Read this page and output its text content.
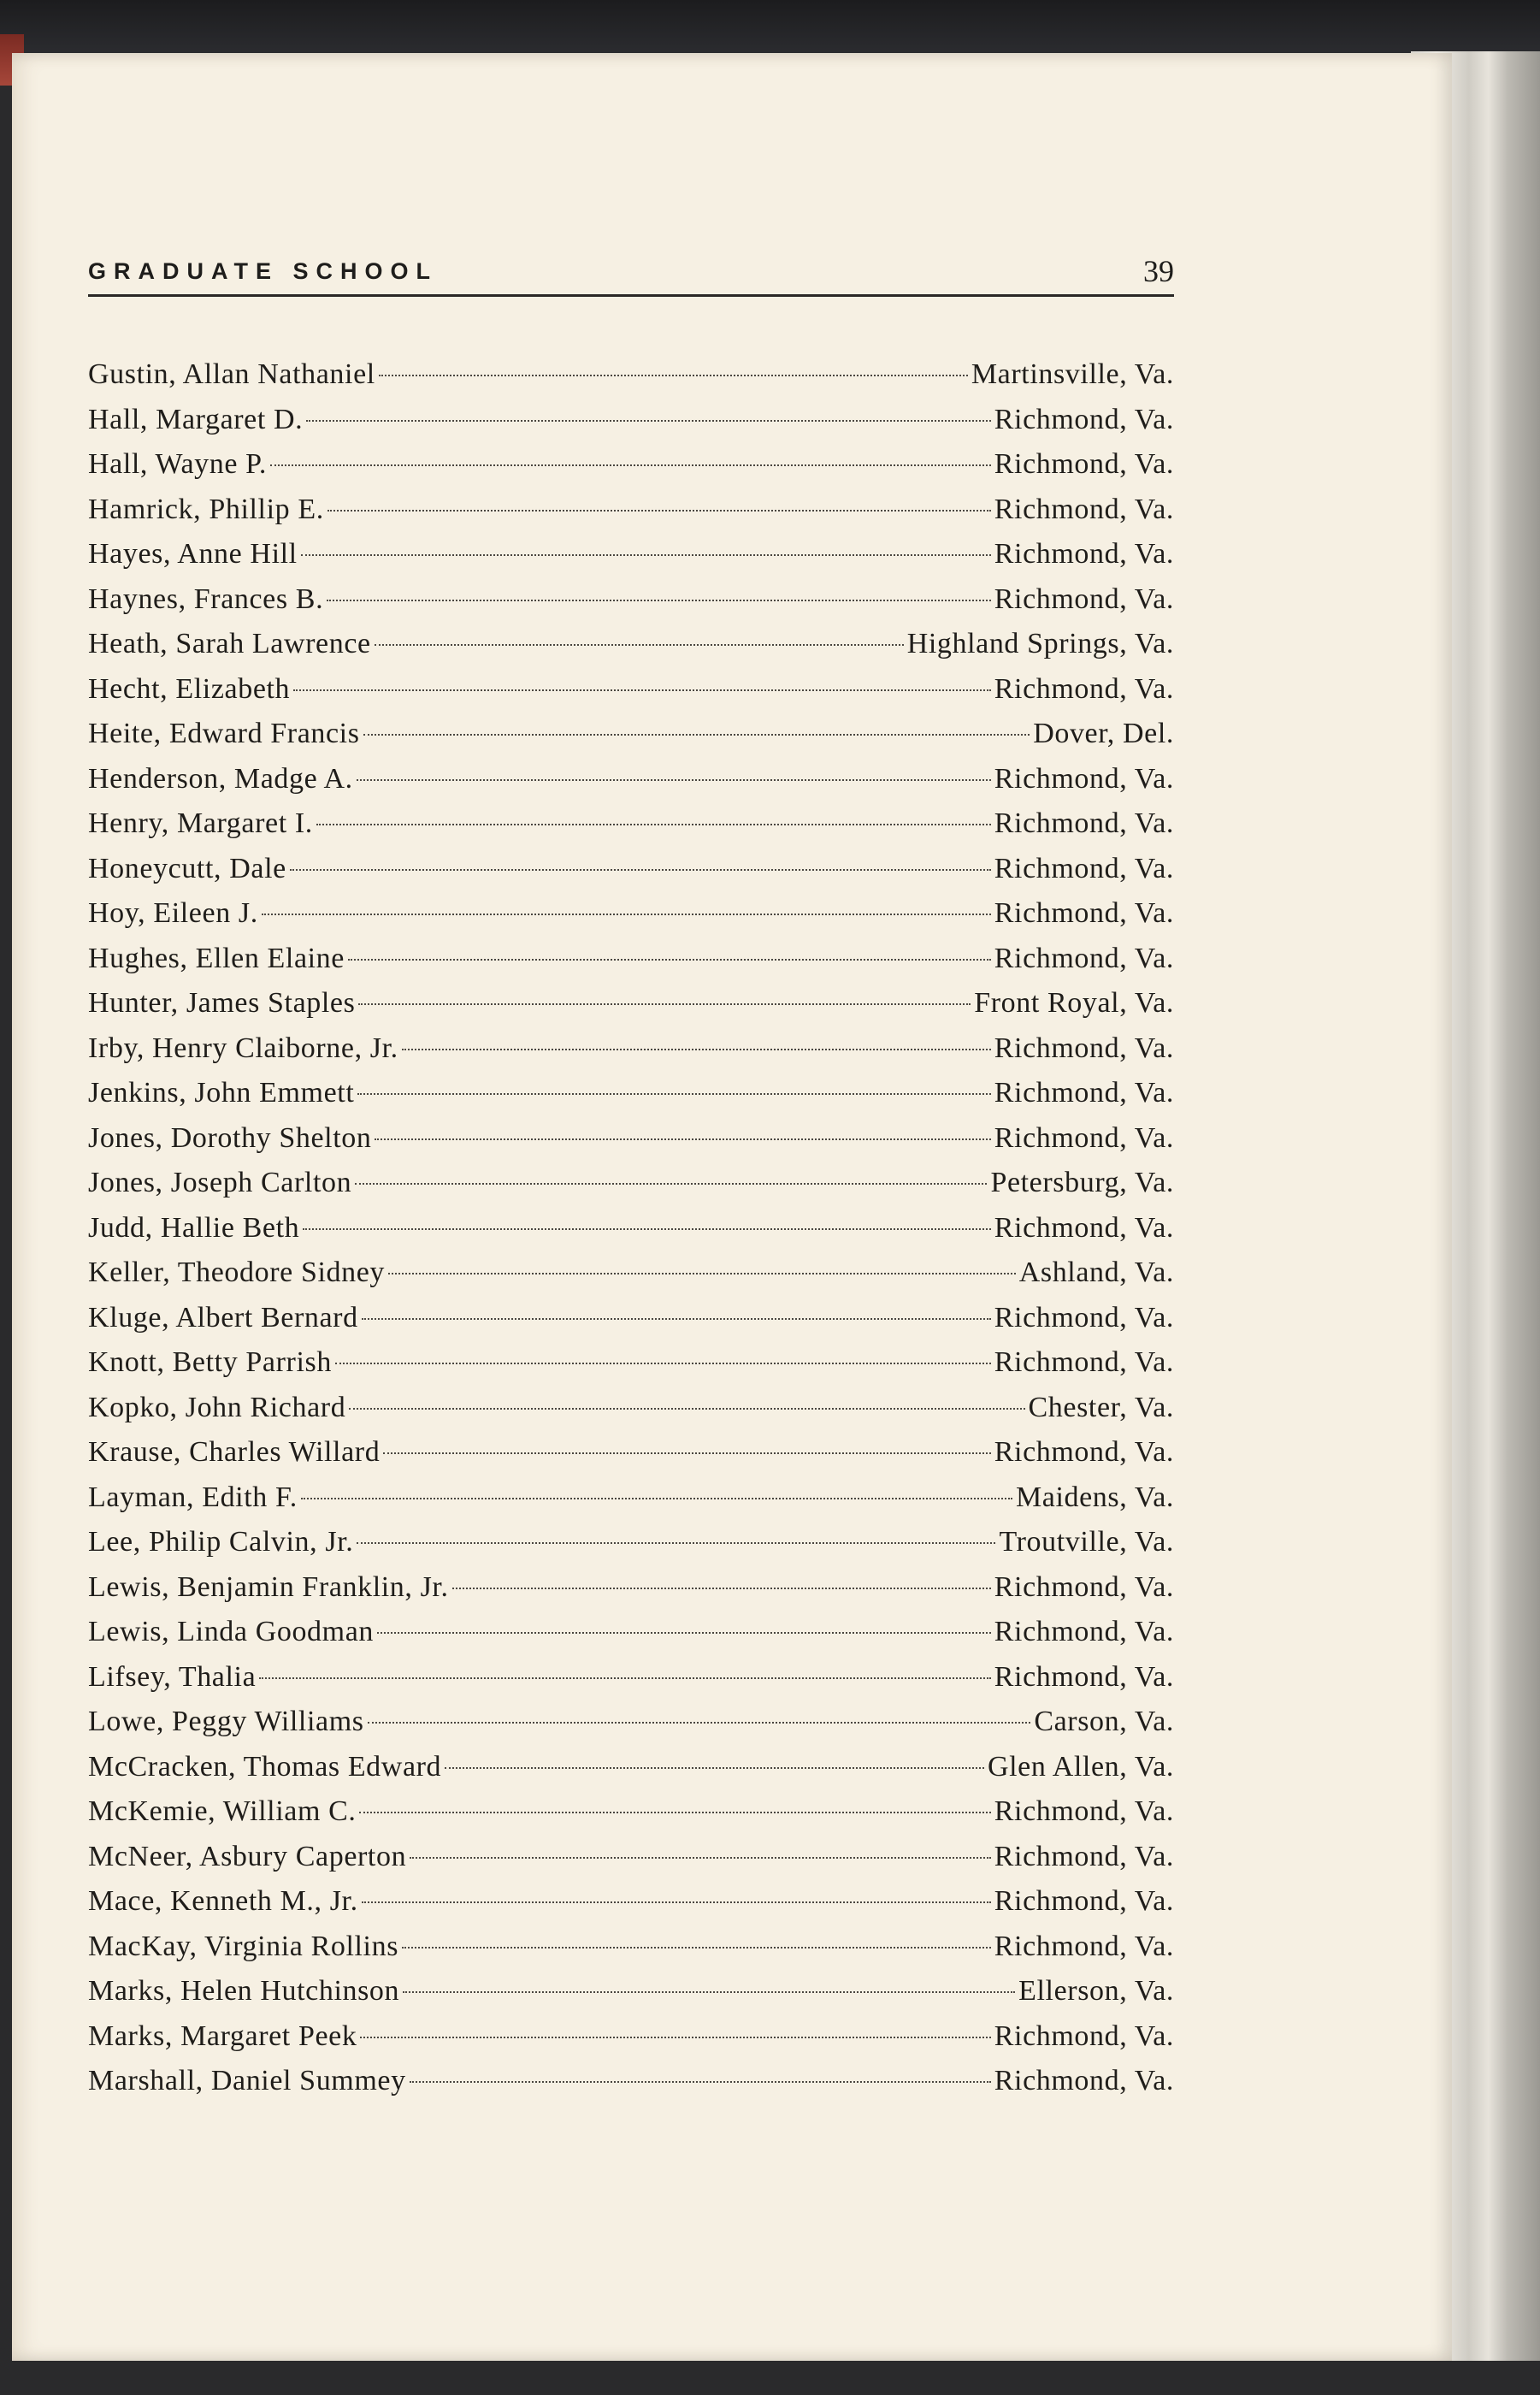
GRADUATE SCHOOL	39
Gustin, Allan Nathaniel	Martinsville, Va.
Hall, Margaret D.	Richmond, Va.
Hall, Wayne P.	Richmond, Va.
Hamrick, Phillip E.	Richmond, Va.
Hayes, Anne Hill	Richmond, Va.
Haynes, Frances B.	Richmond, Va.
Heath, Sarah Lawrence	Highland Springs, Va.
Hecht, Elizabeth	Richmond, Va.
Heite, Edward Francis	Dover, Del.
Henderson, Madge A.	Richmond, Va.
Henry, Margaret I.	Richmond, Va.
Honeycutt, Dale	Richmond, Va.
Hoy, Eileen J.	Richmond, Va.
Hughes, Ellen Elaine	Richmond, Va.
Hunter, James Staples	Front Royal, Va.
Irby, Henry Claiborne, Jr.	Richmond, Va.
Jenkins, John Emmett	Richmond, Va.
Jones, Dorothy Shelton	Richmond, Va.
Jones, Joseph Carlton	Petersburg, Va.
Judd, Hallie Beth	Richmond, Va.
Keller, Theodore Sidney	Ashland, Va.
Kluge, Albert Bernard	Richmond, Va.
Knott, Betty Parrish	Richmond, Va.
Kopko, John Richard	Chester, Va.
Krause, Charles Willard	Richmond, Va.
Layman, Edith F.	Maidens, Va.
Lee, Philip Calvin, Jr.	Troutville, Va.
Lewis, Benjamin Franklin, Jr.	Richmond, Va.
Lewis, Linda Goodman	Richmond, Va.
Lifsey, Thalia	Richmond, Va.
Lowe, Peggy Williams	Carson, Va.
McCracken, Thomas Edward	Glen Allen, Va.
McKemie, William C.	Richmond, Va.
McNeer, Asbury Caperton	Richmond, Va.
Mace, Kenneth M., Jr.	Richmond, Va.
MacKay, Virginia Rollins	Richmond, Va.
Marks, Helen Hutchinson	Ellerson, Va.
Marks, Margaret Peek	Richmond, Va.
Marshall, Daniel Summey	Richmond, Va.
